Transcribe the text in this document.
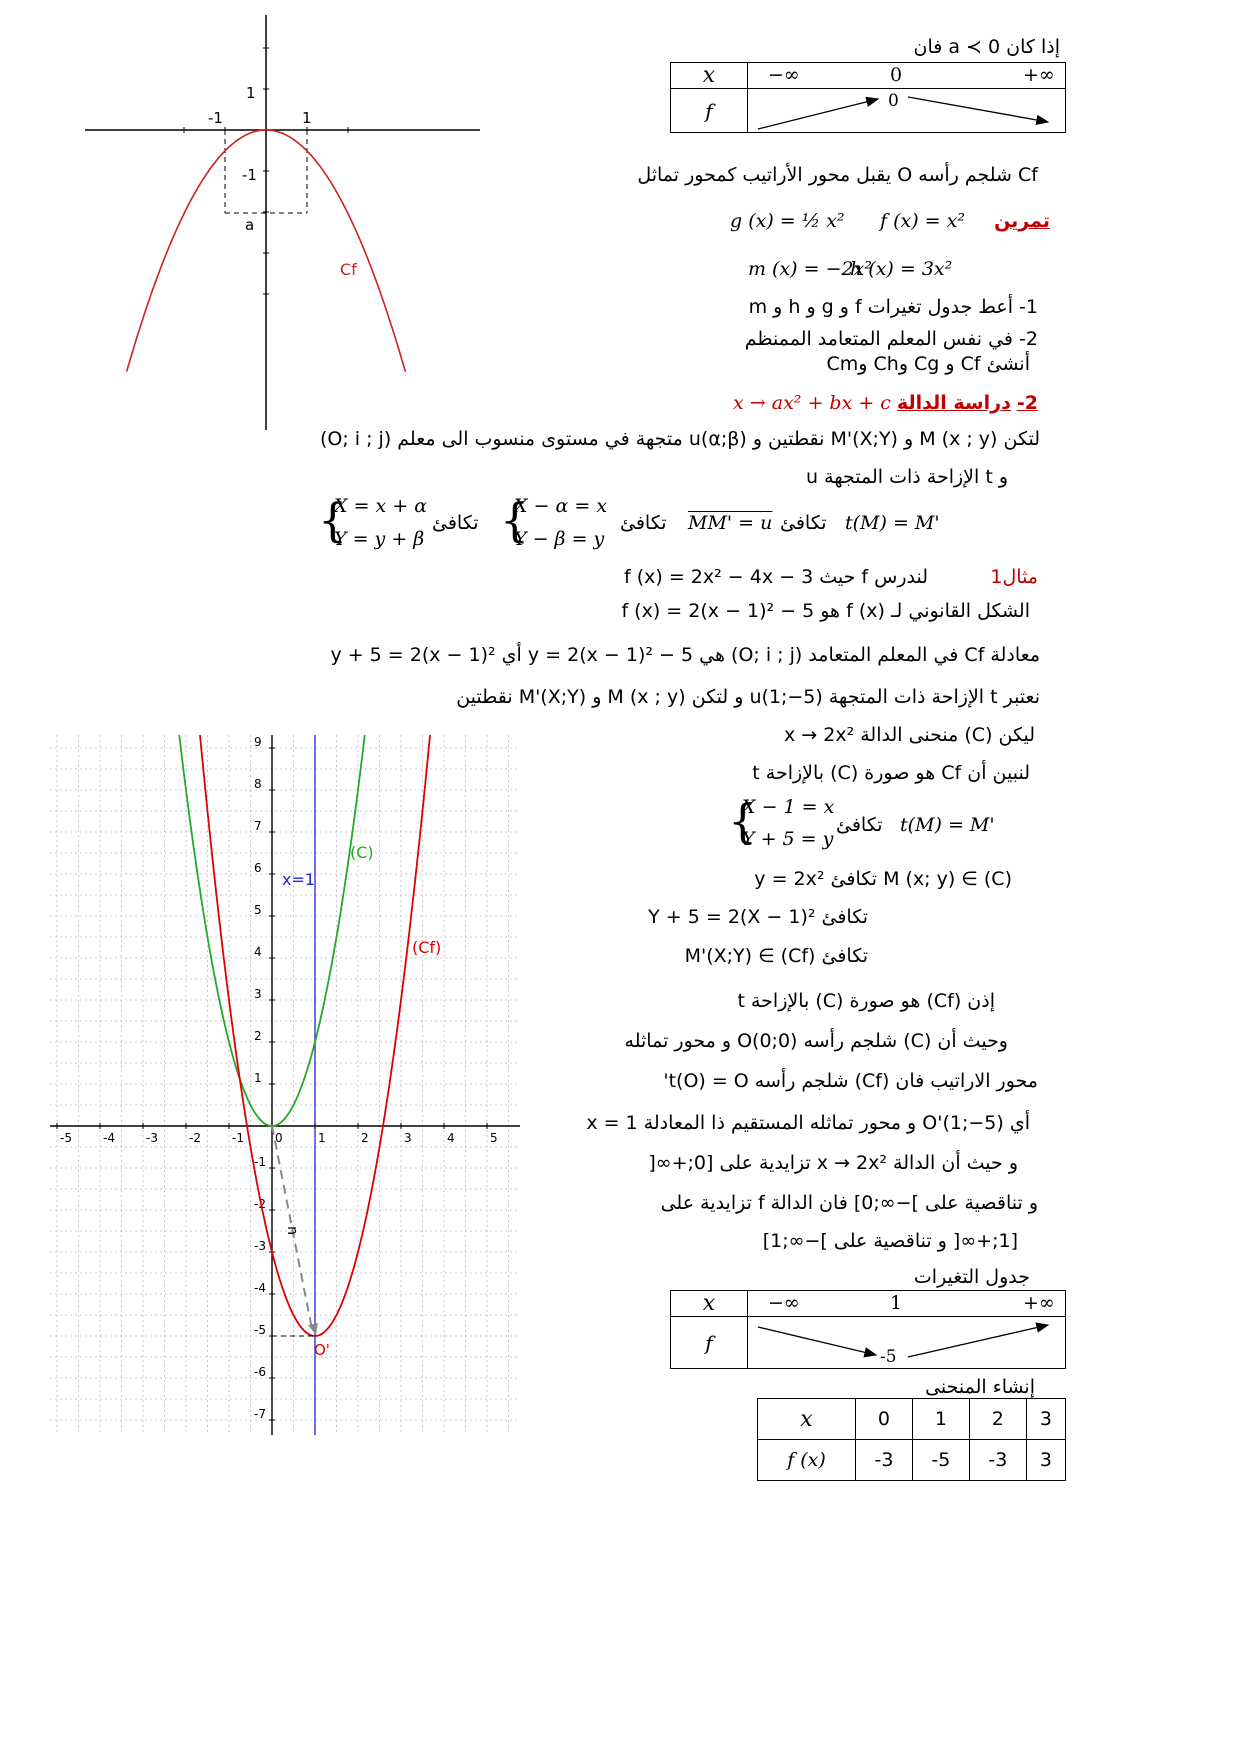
-1	1
1
-1
a
Cf
إذا كان a ≺ 0 فان
x	−∞ 0 +∞

f	0
Cf شلجم رأسه O يقبل محور الأراتيب كمحور تماثل
تمرين
f (x) = x²
g (x) = ½ x²
h (x) = 3x²
m (x) = −2x²
1- أعط جدول تغيرات f و g و h و m
2- في نفس المعلم المتعامد الممنظم
أنشئ Cf و Cg وCh وCm
2- دراسة الدالة x → ax² + bx + c
لتكن M (x ; y) و M'(X;Y) نقطتين و u(α;β) متجهة في مستوى منسوب الى معلم (O; i ; j)
و t الإزاحة ذات المتجهة u
t(M) = M'
تكافئ
MM' = u
تكافئ
{
X − α = x
Y − β = y
تكافئ
{
X = x + α
Y = y + β
مثال1
لندرس f حيث f (x) = 2x² − 4x − 3
الشكل القانوني لـ f (x) هو f (x) = 2(x − 1)² − 5
معادلة Cf في المعلم المتعامد (O; i ; j) هي y = 2(x − 1)² − 5 أي y + 5 = 2(x − 1)²
نعتبر t الإزاحة ذات المتجهة u(1;−5) و لتكن M (x ; y) و M'(X;Y) نقطتين
ليكن (C) منحنى الدالة x → 2x²
لنبين أن Cf هو صورة (C) بالإزاحة t
t(M) = M'
تكافئ
{
X − 1 = x
Y + 5 = y
M (x; y) ∈ (C) تكافئ y = 2x²
تكافئ Y + 5 = 2(X − 1)²
تكافئ M'(X;Y) ∈ (Cf)
إذن (Cf) هو صورة (C) بالإزاحة t
وحيث أن (C) شلجم رأسه O(0;0) و محور تماثله
محور الاراتيب فان (Cf) شلجم رأسه t(O) = O'
أي O'(1;−5) و محور تماثله المستقيم ذا المعادلة x = 1
و حيث أن الدالة x → 2x² تزايدية على [0;+∞[
و تناقصية على ]−∞;0] فان الدالة f تزايدية على
[1;+∞[ و تناقصية على ]−∞;1]
جدول التغيرات
x	−∞ 1 +∞

f	-5
إنشاء المنحنى
x	0	1	2	3
f (x)	-3	-5	-3	3
-5	-4	-3	-2	-1	0	1	2	3	4	5
9
8
7
6
5
4
3
2
1
-1
-2
-3
-4
-5
-6
-7
u
(C)
(Cf)
x=1
O'
